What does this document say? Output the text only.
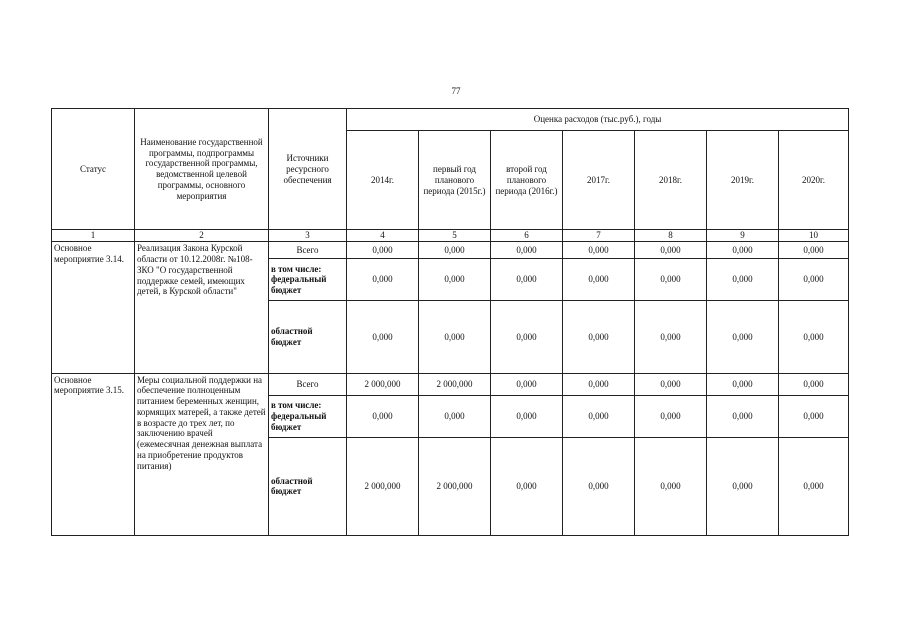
77
Статус	Наименование государственной программы, подпрограммы государственной программы, ведомственной целевой программы, основного мероприятия	Источники ресурсного обеспечения	Оценка расходов (тыс.руб.), годы						
			2014г.	первый год планового периода (2015г.)	второй год планового периода (2016г.)	2017г.	2018г.	2019г.	2020г.
1	2	3	4	5	6	7	8	9	10
Основное мероприятие 3.14.	Реализация Закона Курской области от 10.12.2008г. №108-ЗКО "О государственной поддержке семей, имеющих детей, в Курской области"	Всего	0,000	0,000	0,000	0,000	0,000	0,000	0,000
		в том числе: федеральный бюджет	0,000	0,000	0,000	0,000	0,000	0,000	0,000
		областной бюджет	0,000	0,000	0,000	0,000	0,000	0,000	0,000
Основное мероприятие 3.15.	Меры социальной поддержки на обеспечение полноценным питанием беременных женщин, кормящих матерей, а также детей в возрасте до трех лет, по заключению врачей (ежемесячная денежная выплата на приобретение продуктов питания)	Всего	2 000,000	2 000,000	0,000	0,000	0,000	0,000	0,000
		в том числе: федеральный бюджет	0,000	0,000	0,000	0,000	0,000	0,000	0,000
		областной бюджет	2 000,000	2 000,000	0,000	0,000	0,000	0,000	0,000
